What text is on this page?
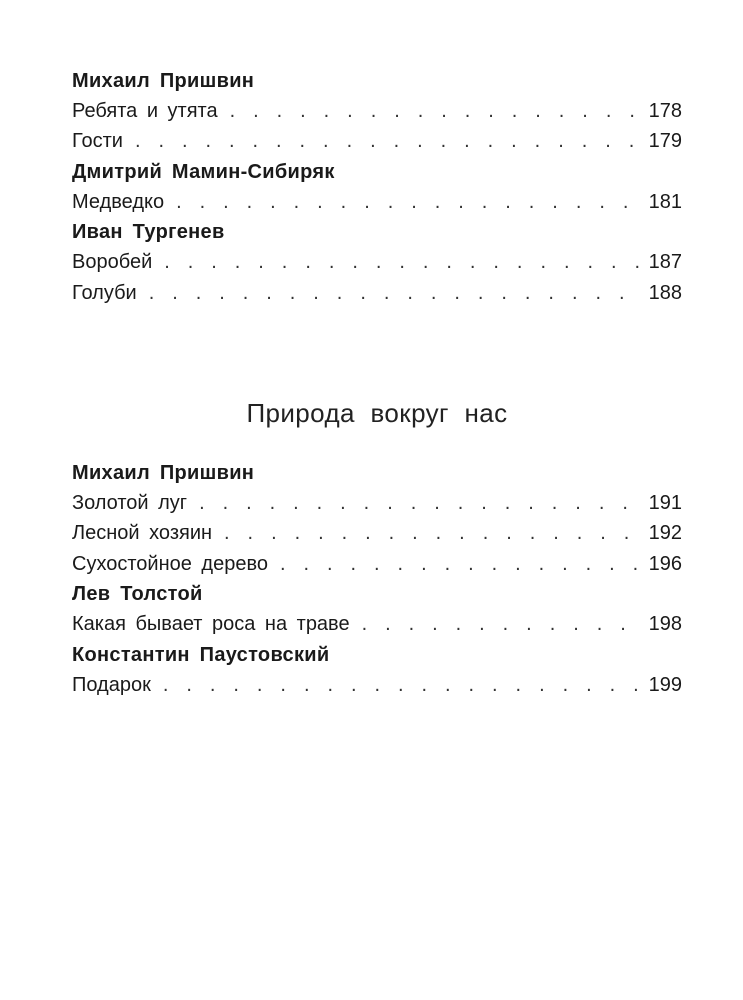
Михаил Пришвин
Ребята и утята . . .	178
Гости . . .	179
Дмитрий Мамин-Сибиряк
Медведко . . .	181
Иван Тургенев
Воробей . . .	187
Голуби . . .	188
Природа вокруг нас
Михаил Пришвин
Золотой луг . . .	191
Лесной хозяин . . .	192
Сухостойное дерево . . .	196
Лев Толстой
Какая бывает роса на траве . . .	198
Константин Паустовский
Подарок . . .	199
